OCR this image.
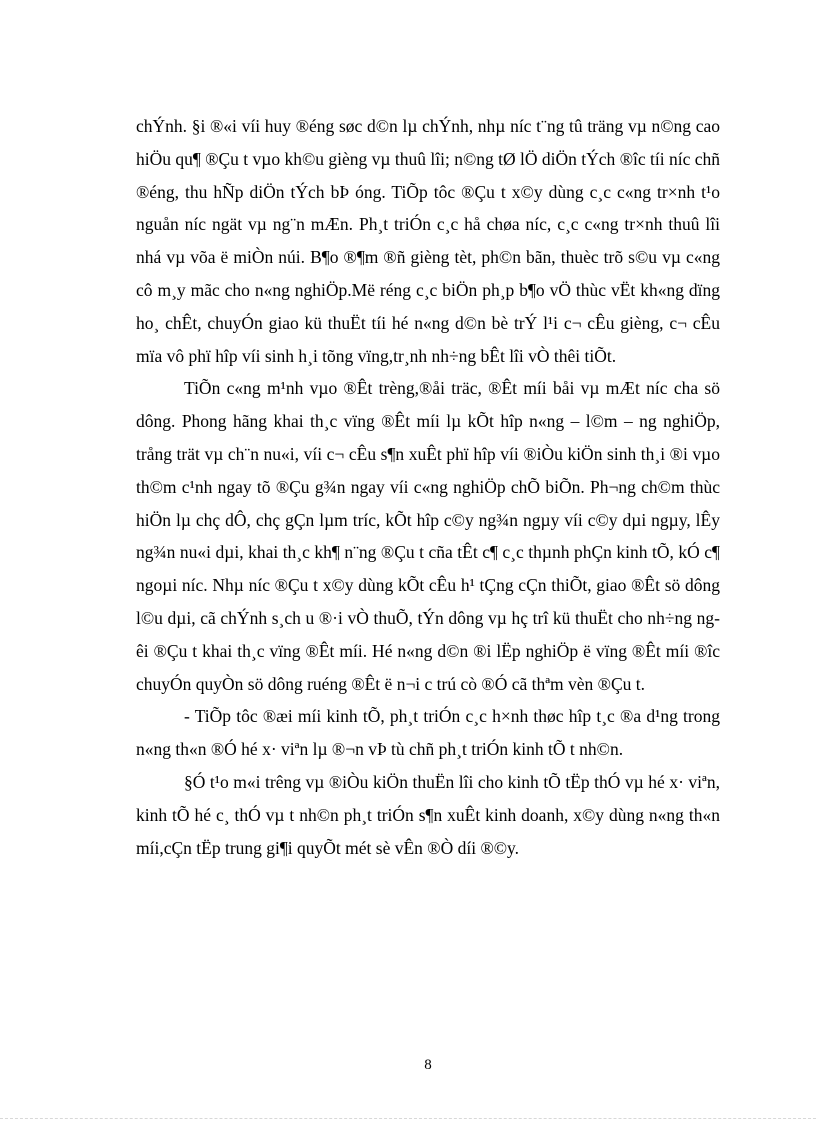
chÝnh. §i ®«i víi huy ®éng søc d©n lµ chÝnh, nhµ níc t¨ng tû träng vµ n©ng cao hiÖu qu¶ ®Çu t vµo kh©u gièng vµ thuû lîi; n©ng tØ lÖ diÖn tÝch ®îc tíi níc chñ ®éng, thu hÑp diÖn tÝch bÞ óng. TiÕp tôc ®Çu t x©y dùng c¸c c«ng tr×nh t¹o nguån níc ngät vµ ng¨n mÆn. Ph¸t triÓn c¸c hå chøa níc, c¸c c«ng tr×nh thuû lîi nhá vµ võa ë miÒn núi. B¶o ®¶m ®ñ gièng tèt, ph©n bãn, thuèc trõ s©u vµ c«ng cô m¸y mãc cho n«ng nghiÖp.Më réng c¸c biÖn ph¸p b¶o vÖ thùc vËt kh«ng dïng ho¸ chÊt, chuyÓn giao kü thuËt tíi hé n«ng d©n bè trÝ l¹i c¬ cÊu gièng, c¬ cÊu mïa vô phï hîp víi sinh h¸i tõng vïng,tr¸nh nh÷ng bÊt lîi vÒ thêi tiÕt.

TiÕn c«ng m¹nh vµo ®Êt trèng,®åi träc, ®Êt míi båi vµ mÆt níc cha sö dông. Phong hãng khai th¸c vïng ®Êt míi lµ kÕt hîp n«ng – l©m – ng nghiÖp, trång trät vµ ch¨n nu«i, víi c¬ cÊu s¶n xuÊt phï hîp víi ®iÒu kiÖn sinh th¸i ®i vµo th©m c¹nh ngay tõ ®Çu g¾n ngay víi c«ng nghiÖp chÕ biÕn. Ph¬ng ch©m thùc hiÖn lµ chç dÔ, chç gÇn lµm tríc, kÕt hîp c©y ng¾n ngµy víi c©y dµi ngµy, lÊy ng¾n nu«i dµi, khai th¸c kh¶ n¨ng ®Çu t cña tÊt c¶ c¸c thµnh phÇn kinh tÕ, kÓ c¶ ngoµi níc. Nhµ níc ®Çu t x©y dùng kÕt cÊu h¹ tÇng cÇn thiÕt, giao ®Êt sö dông l©u dµi, cã chÝnh s¸ch u ®·i vÒ thuÕ, tÝn dông vµ hç trî kü thuËt cho nh÷ng ngêi ®Çu t khai th¸c vïng ®Êt míi. Hé n«ng d©n ®i lËp nghiÖp ë vïng ®Êt míi ®îc chuyÓn quyÒn sö dông ruéng ®Êt ë n¬i c trú cò ®Ó cã thªm vèn ®Çu t.

- TiÕp tôc ®æi míi kinh tÕ, ph¸t triÓn c¸c h×nh thøc hîp t¸c ®a d¹ng trong n«ng th«n ®Ó hé x· viªn lµ ®¬n vÞ tù chñ ph¸t triÓn kinh tÕ t nh©n.

§Ó t¹o m«i trêng vµ ®iÒu kiÖn thuËn lîi cho kinh tÕ tËp thÓ vµ hé x· viªn, kinh tÕ hé c¸ thÓ vµ t nh©n ph¸t triÓn s¶n xuÊt kinh doanh, x©y dùng n«ng th«n míi,cÇn tËp trung gi¶i quyÕt mét sè vÊn ®Ò díi ®©y.

8
